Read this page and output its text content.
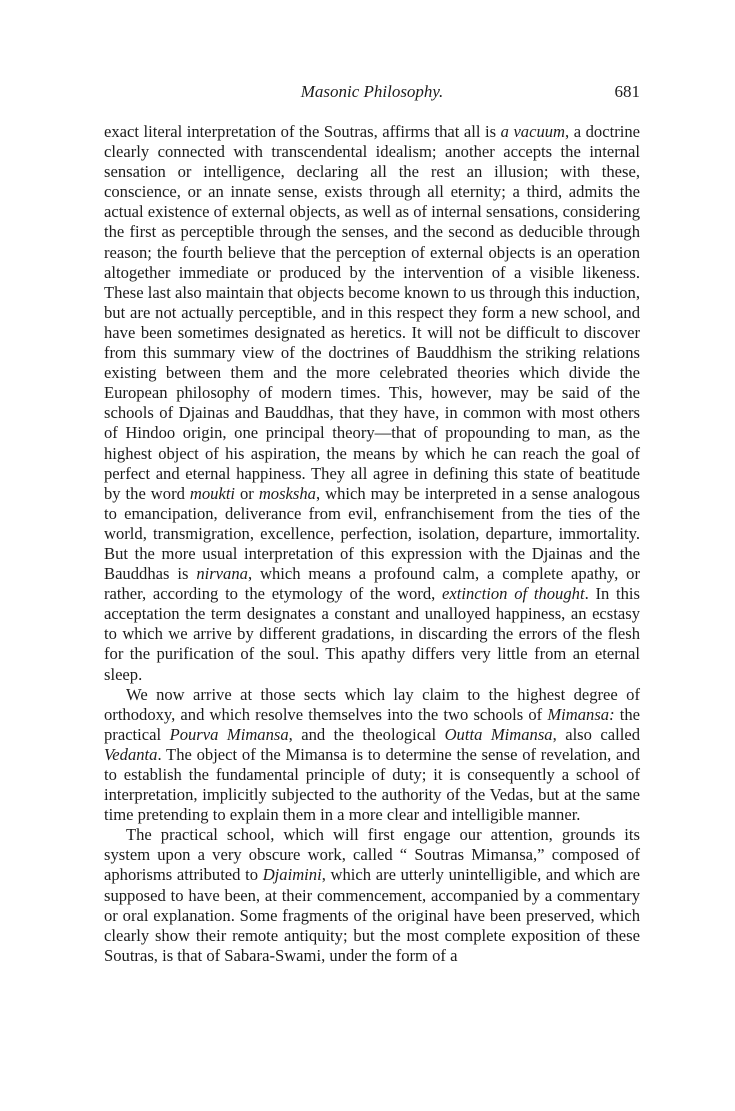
Masonic Philosophy.	681

exact literal interpretation of the Soutras, affirms that all is a vacuum, a doctrine clearly connected with transcendental idealism; another accepts the internal sensation or intelligence, declaring all the rest an illusion; with these, conscience, or an innate sense, exists through all eternity; a third, admits the actual existence of external objects, as well as of internal sensations, considering the first as perceptible through the senses, and the second as deducible through reason; the fourth believe that the perception of external objects is an operation altogether immediate or produced by the intervention of a visible likeness. These last also maintain that objects become known to us through this induction, but are not actually perceptible, and in this respect they form a new school, and have been sometimes designated as heretics. It will not be difficult to discover from this summary view of the doctrines of Bauddhism the striking relations existing between them and the more celebrated theories which divide the European philosophy of modern times. This, however, may be said of the schools of Djainas and Bauddhas, that they have, in common with most others of Hindoo origin, one principal theory—that of propounding to man, as the highest object of his aspiration, the means by which he can reach the goal of perfect and eternal happiness. They all agree in defining this state of beatitude by the word moukti or mosksha, which may be interpreted in a sense analogous to emancipation, deliverance from evil, enfranchisement from the ties of the world, transmigration, excellence, perfection, isolation, departure, immortality. But the more usual interpretation of this expression with the Djainas and the Bauddhas is nirvana, which means a profound calm, a complete apathy, or rather, according to the etymology of the word, extinction of thought. In this acceptation the term designates a constant and unalloyed happiness, an ecstasy to which we arrive by different gradations, in discarding the errors of the flesh for the purification of the soul. This apathy differs very little from an eternal sleep.

We now arrive at those sects which lay claim to the highest degree of orthodoxy, and which resolve themselves into the two schools of Mimansa: the practical Pourva Mimansa, and the theological Outta Mimansa, also called Vedanta. The object of the Mimansa is to determine the sense of revelation, and to establish the fundamental principle of duty; it is consequently a school of interpretation, implicitly subjected to the authority of the Vedas, but at the same time pretending to explain them in a more clear and intelligible manner.

The practical school, which will first engage our attention, grounds its system upon a very obscure work, called “ Soutras Mimansa,” composed of aphorisms attributed to Djaimini, which are utterly unintelligible, and which are supposed to have been, at their commencement, accompanied by a commentary or oral explanation. Some fragments of the original have been preserved, which clearly show their remote antiquity; but the most complete exposition of these Soutras, is that of Sabara-Swami, under the form of a
